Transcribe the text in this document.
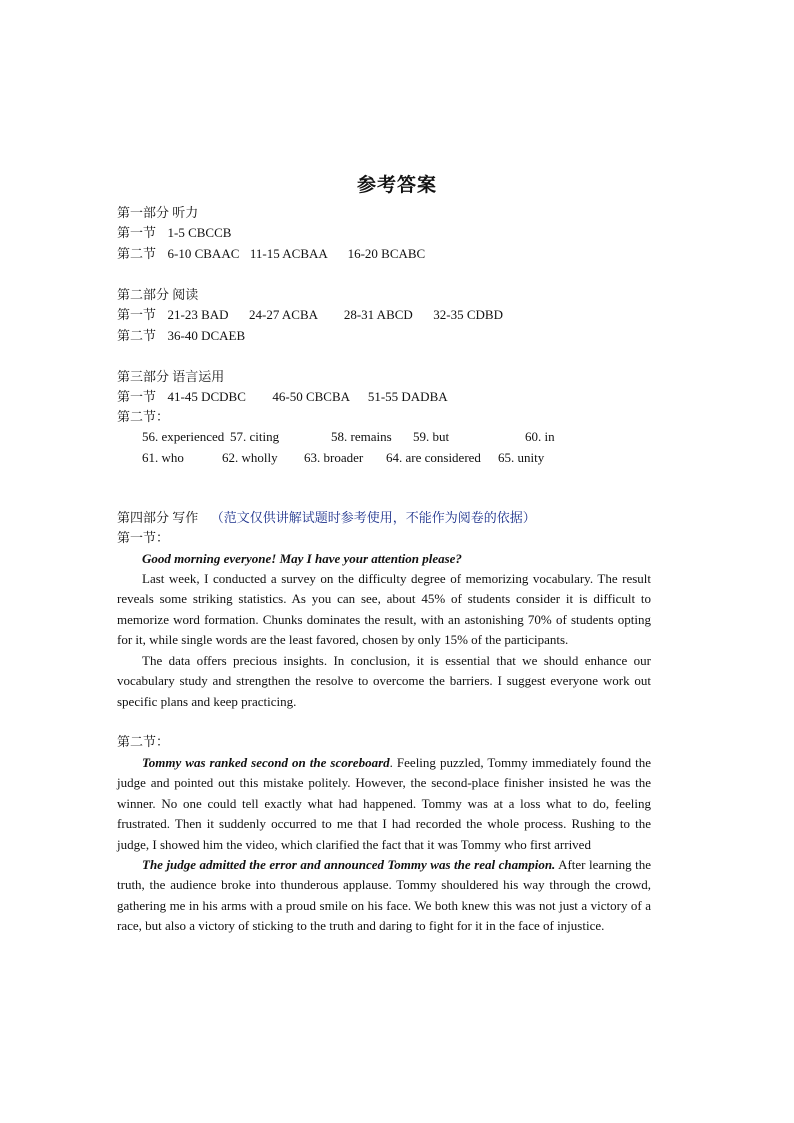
参考答案
第一部分 听力
第一节 1-5 CBCCB
第二节 6-10 CBAAC 11-15 ACBAA 16-20 BCABC
第二部分 阅读
第一节 21-23 BAD 24-27 ACBA 28-31 ABCD 32-35 CDBD
第二节 36-40 DCAEB
第三部分 语言运用
第一节 41-45 DCDBC 46-50 CBCBA 51-55 DADBA
第二节：
56. experienced 57. citing	58. remains 59. but	60. in
61. who	62. wholly 63. broader 64. are considered 65. unity
第四部分 写作 （范文仅供讲解试题时参考使用，不能作为阅卷的依据）
第一节：

Good morning everyone! May I have your attention please?

Last week, I conducted a survey on the difficulty degree of memorizing vocabulary. The result reveals some striking statistics. As you can see, about 45% of students consider it is difficult to memorize word formation. Chunks dominates the result, with an astonishing 70% of students opting for it, while single words are the least favored, chosen by only 15% of the participants.

The data offers precious insights. In conclusion, it is essential that we should enhance our vocabulary study and strengthen the resolve to overcome the barriers. I suggest everyone work out specific plans and keep practicing.

第二节：

Tommy was ranked second on the scoreboard. Feeling puzzled, Tommy immediately found the judge and pointed out this mistake politely. However, the second-place finisher insisted he was the winner. No one could tell exactly what had happened. Tommy was at a loss what to do, feeling frustrated. Then it suddenly occurred to me that I had recorded the whole process. Rushing to the judge, I showed him the video, which clarified the fact that it was Tommy who first arrived

The judge admitted the error and announced Tommy was the real champion. After learning the truth, the audience broke into thunderous applause. Tommy shouldered his way through the crowd, gathering me in his arms with a proud smile on his face. We both knew this was not just a victory of a race, but also a victory of sticking to the truth and daring to fight for it in the face of injustice.
